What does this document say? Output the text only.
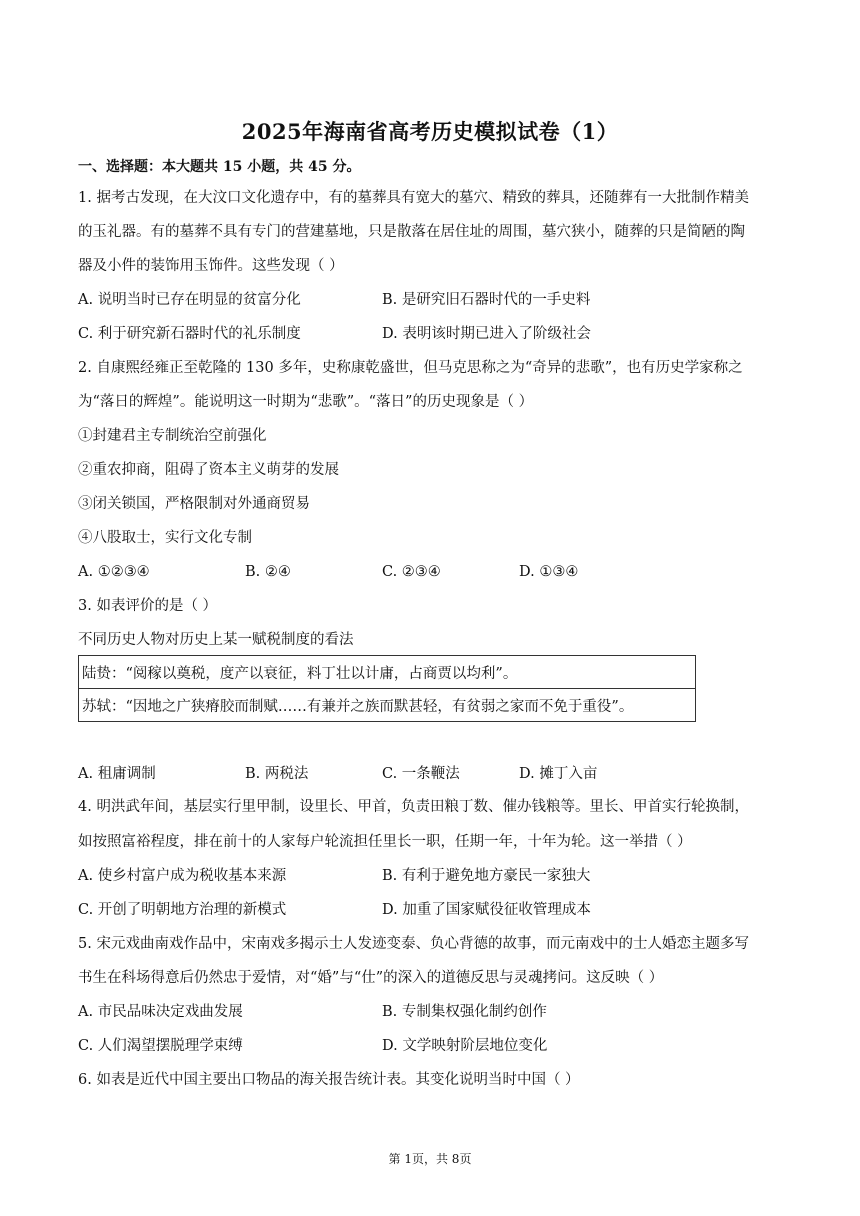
2025年海南省高考历史模拟试卷（1）
一、选择题：本大题共 15 小题，共 45 分。
1. 据考古发现，在大汶口文化遗存中，有的墓葬具有宽大的墓穴、精致的葬具，还随葬有一大批制作精美
的玉礼器。有的墓葬不具有专门的营建墓地，只是散落在居住址的周围，墓穴狭小，随葬的只是简陋的陶
器及小件的装饰用玉饰件。这些发现（ ）
A. 说明当时已存在明显的贫富分化	B. 是研究旧石器时代的一手史料
C. 利于研究新石器时代的礼乐制度	D. 表明该时期已进入了阶级社会
2. 自康熙经雍正至乾隆的 130 多年，史称康乾盛世，但马克思称之为“奇异的悲歌”，也有历史学家称之
为“落日的辉煌”。能说明这一时期为“悲歌”。“落日”的历史现象是（ ）
①封建君主专制统治空前强化
②重农抑商，阻碍了资本主义萌芽的发展
③闭关锁国，严格限制对外通商贸易
④八股取士，实行文化专制
A. ①②③④	B. ②④	C. ②③④	D. ①③④
3. 如表评价的是（ ）
不同历史人物对历史上某一赋税制度的看法
陆贽：“阅稼以奠税，度产以衰征，料丁壮以计庸，占商贾以均利”。
苏轼：“因地之广狭瘠胶而制赋……有兼并之族而默甚轻，有贫弱之家而不免于重役”。
A. 租庸调制	B. 两税法	C. 一条鞭法	D. 摊丁入亩
4. 明洪武年间，基层实行里甲制，设里长、甲首，负责田粮丁数、催办钱粮等。里长、甲首实行轮换制，
如按照富裕程度，排在前十的人家每户轮流担任里长一职，任期一年，十年为轮。这一举措（ ）
A. 使乡村富户成为税收基本来源	B. 有利于避免地方豪民一家独大
C. 开创了明朝地方治理的新模式	D. 加重了国家赋役征收管理成本
5. 宋元戏曲南戏作品中，宋南戏多揭示士人发迹变泰、负心背德的故事，而元南戏中的士人婚恋主题多写
书生在科场得意后仍然忠于爱情，对“婚”与“仕”的深入的道德反思与灵魂拷问。这反映（ ）
A. 市民品味决定戏曲发展	B. 专制集权强化制约创作
C. 人们渴望摆脱理学束缚	D. 文学映射阶层地位变化
6. 如表是近代中国主要出口物品的海关报告统计表。其变化说明当时中国（ ）
第 1页，共 8页
